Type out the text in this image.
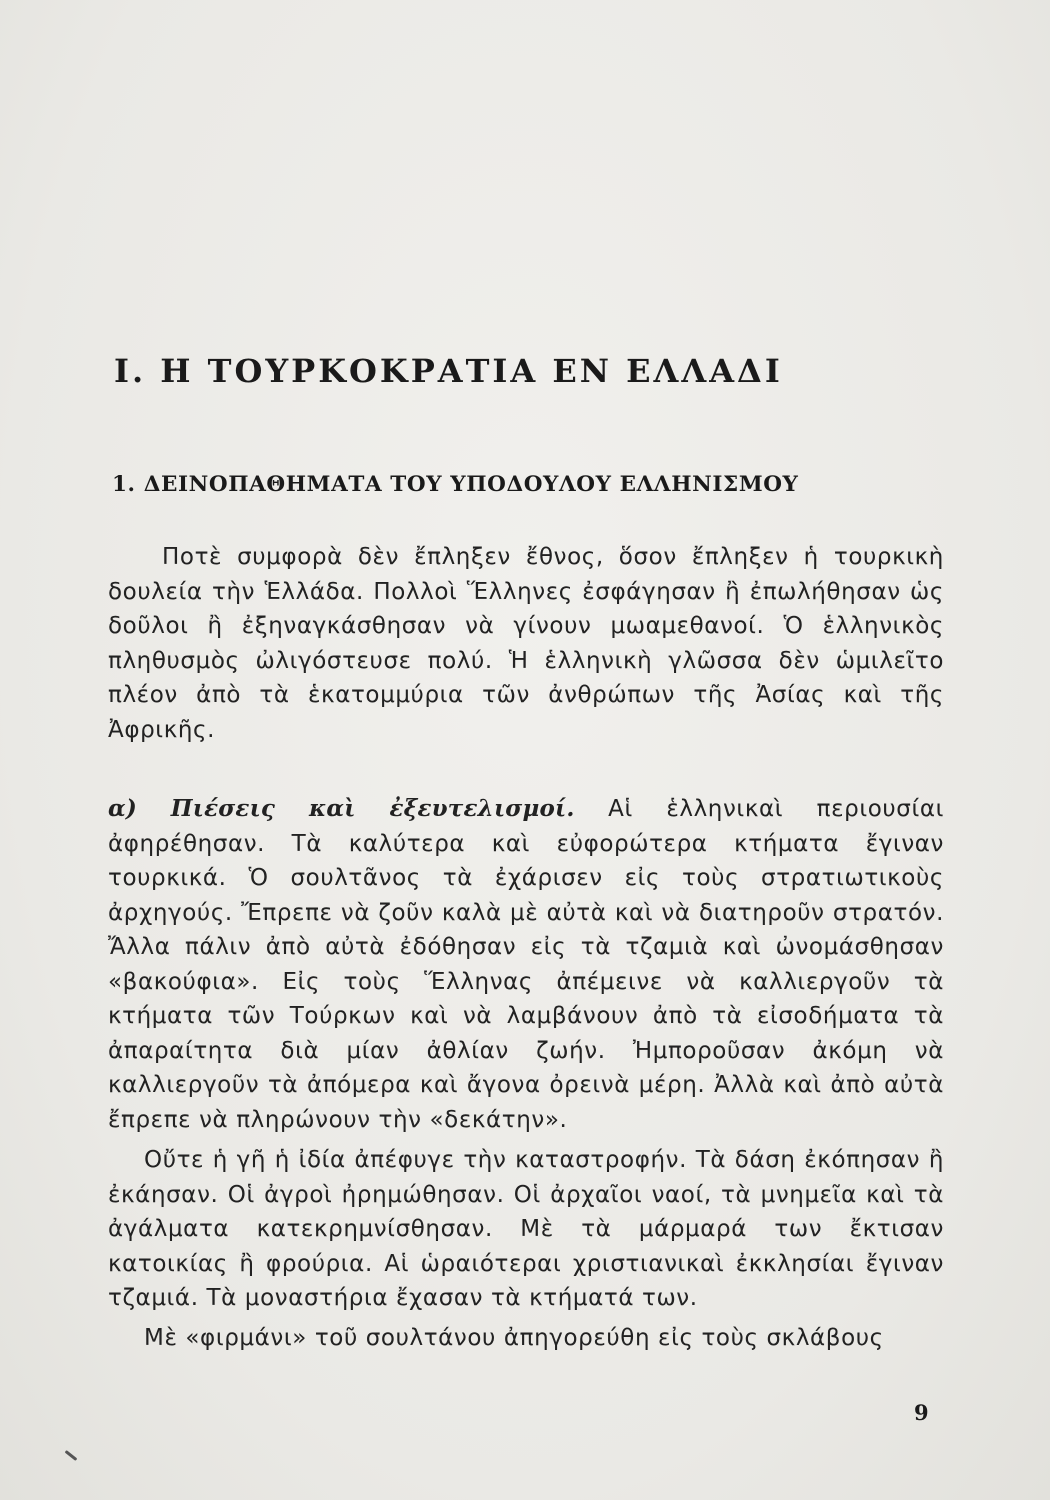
I. Η ΤΟΥΡΚΟΚΡΑΤΙΑ ΕΝ ΕΛΛΑΔΙ
1. ΔΕΙΝΟΠΑΘΗΜΑΤΑ ΤΟΥ ΥΠΟΔΟΥΛΟΥ ΕΛΛΗΝΙΣΜΟΥ

Ποτὲ συμφορὰ δὲν ἔπληξεν ἔθνος, ὅσον ἔπληξεν ἡ τουρκικὴ δουλεία τὴν Ἑλλάδα. Πολλοὶ Ἕλληνες ἐσφάγησαν ἢ ἐπωλήθησαν ὡς δοῦλοι ἢ ἐξηναγκάσθησαν νὰ γίνουν μωαμεθανοί. Ὁ ἑλληνικὸς πληθυσμὸς ὠλιγόστευσε πολύ. Ἡ ἑλληνικὴ γλῶσσα δὲν ὡμιλεῖτο πλέον ἀπὸ τὰ ἑκατομμύρια τῶν ἀνθρώπων τῆς Ἀσίας καὶ τῆς Ἀφρικῆς.

α) Πιέσεις καὶ ἐξευτελισμοί. Αἱ ἑλληνικαὶ περιουσίαι ἀφηρέθησαν. Τὰ καλύτερα καὶ εὐφορώτερα κτήματα ἔγιναν τουρκικά. Ὁ σουλτᾶνος τὰ ἐχάρισεν εἰς τοὺς στρατιωτικοὺς ἀρχηγούς. Ἔπρεπε νὰ ζοῦν καλὰ μὲ αὐτὰ καὶ νὰ διατηροῦν στρατόν. Ἄλλα πάλιν ἀπὸ αὐτὰ ἐδόθησαν εἰς τὰ τζαμιὰ καὶ ὠνομάσθησαν «βακούφια». Εἰς τοὺς Ἕλληνας ἀπέμεινε νὰ καλλιεργοῦν τὰ κτήματα τῶν Τούρκων καὶ νὰ λαμβάνουν ἀπὸ τὰ εἰσοδήματα τὰ ἀπαραίτητα διὰ μίαν ἀθλίαν ζωήν. Ἠμποροῦσαν ἀκόμη νὰ καλλιεργοῦν τὰ ἀπόμερα καὶ ἄγονα ὀρεινὰ μέρη. Ἀλλὰ καὶ ἀπὸ αὐτὰ ἔπρεπε νὰ πληρώνουν τὴν «δεκάτην».

Οὔτε ἡ γῆ ἡ ἰδία ἀπέφυγε τὴν καταστροφήν. Τὰ δάση ἐκόπησαν ἢ ἐκάησαν. Οἱ ἀγροὶ ἠρημώθησαν. Οἱ ἀρχαῖοι ναοί, τὰ μνημεῖα καὶ τὰ ἀγάλματα κατεκρημνίσθησαν. Μὲ τὰ μάρμαρά των ἔκτισαν κατοικίας ἢ φρούρια. Αἱ ὡραιότεραι χριστιανικαὶ ἐκκλησίαι ἔγιναν τζαμιά. Τὰ μοναστήρια ἔχασαν τὰ κτήματά των.

Μὲ «φιρμάνι» τοῦ σουλτάνου ἀπηγορεύθη εἰς τοὺς σκλάβους

9
